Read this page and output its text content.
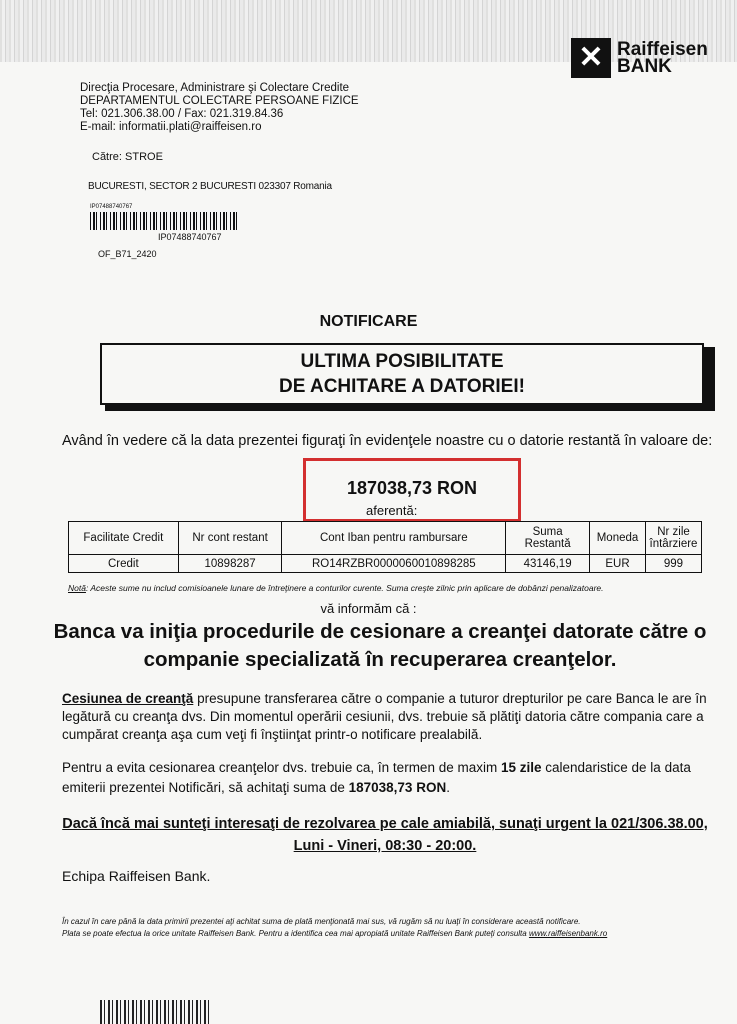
✕ Raiffeisen
BANK
Direcţia Procesare, Administrare şi Colectare Credite
DEPARTAMENTUL COLECTARE PERSOANE FIZICE
Tel: 021.306.38.00 / Fax: 021.319.84.36
E-mail: informatii.plati@raiffeisen.ro
Către: STROE
BUCURESTI, SECTOR 2 BUCURESTI 023307 Romania
IP07488740767
IP07488740767
OF_B71_2420
NOTIFICARE
ULTIMA POSIBILITATE
DE ACHITARE A DATORIEI!
Având în vedere că la data prezentei figuraţi în evidenţele noastre cu o datorie restantă în valoare de:
187038,73 RON
aferentă:
Facilitate Credit	Nr cont restant	Cont Iban pentru rambursare	Suma Restantă	Moneda	Nr zile întârziere
Credit	10898287	RO14RZBR0000060010898285	43146,19	EUR	999
Notă: Aceste sume nu includ comisioanele lunare de întreţinere a conturilor curente. Suma creşte zilnic prin aplicare de dobânzi penalizatoare.
vă informăm că :
Banca va iniţia procedurile de cesionare a creanţei datorate către o companie specializată în recuperarea creanţelor.
Cesiunea de creanţă presupune transferarea către o companie a tuturor drepturilor pe care Banca le are în legătură cu creanţa dvs. Din momentul operării cesiunii, dvs. trebuie să plătiţi datoria către compania care a cumpărat creanţa aşa cum veţi fi înştiinţat printr-o notificare prealabilă.
Pentru a evita cesionarea creanţelor dvs. trebuie ca, în termen de maxim 15 zile calendaristice de la data emiterii prezentei Notificări, să achitaţi suma de 187038,73 RON.
Dacă încă mai sunteţi interesaţi de rezolvarea pe cale amiabilă, sunaţi urgent la 021/306.38.00,
Luni - Vineri, 08:30 - 20:00.
Echipa Raiffeisen Bank.
În cazul în care până la data primirii prezentei aţi achitat suma de plată menţionată mai sus, vă rugăm să nu luaţi în considerare această notificare.
Plata se poate efectua la orice unitate Raiffeisen Bank. Pentru a identifica cea mai apropiată unitate Raiffeisen Bank puteţi consulta www.raiffeisenbank.ro
